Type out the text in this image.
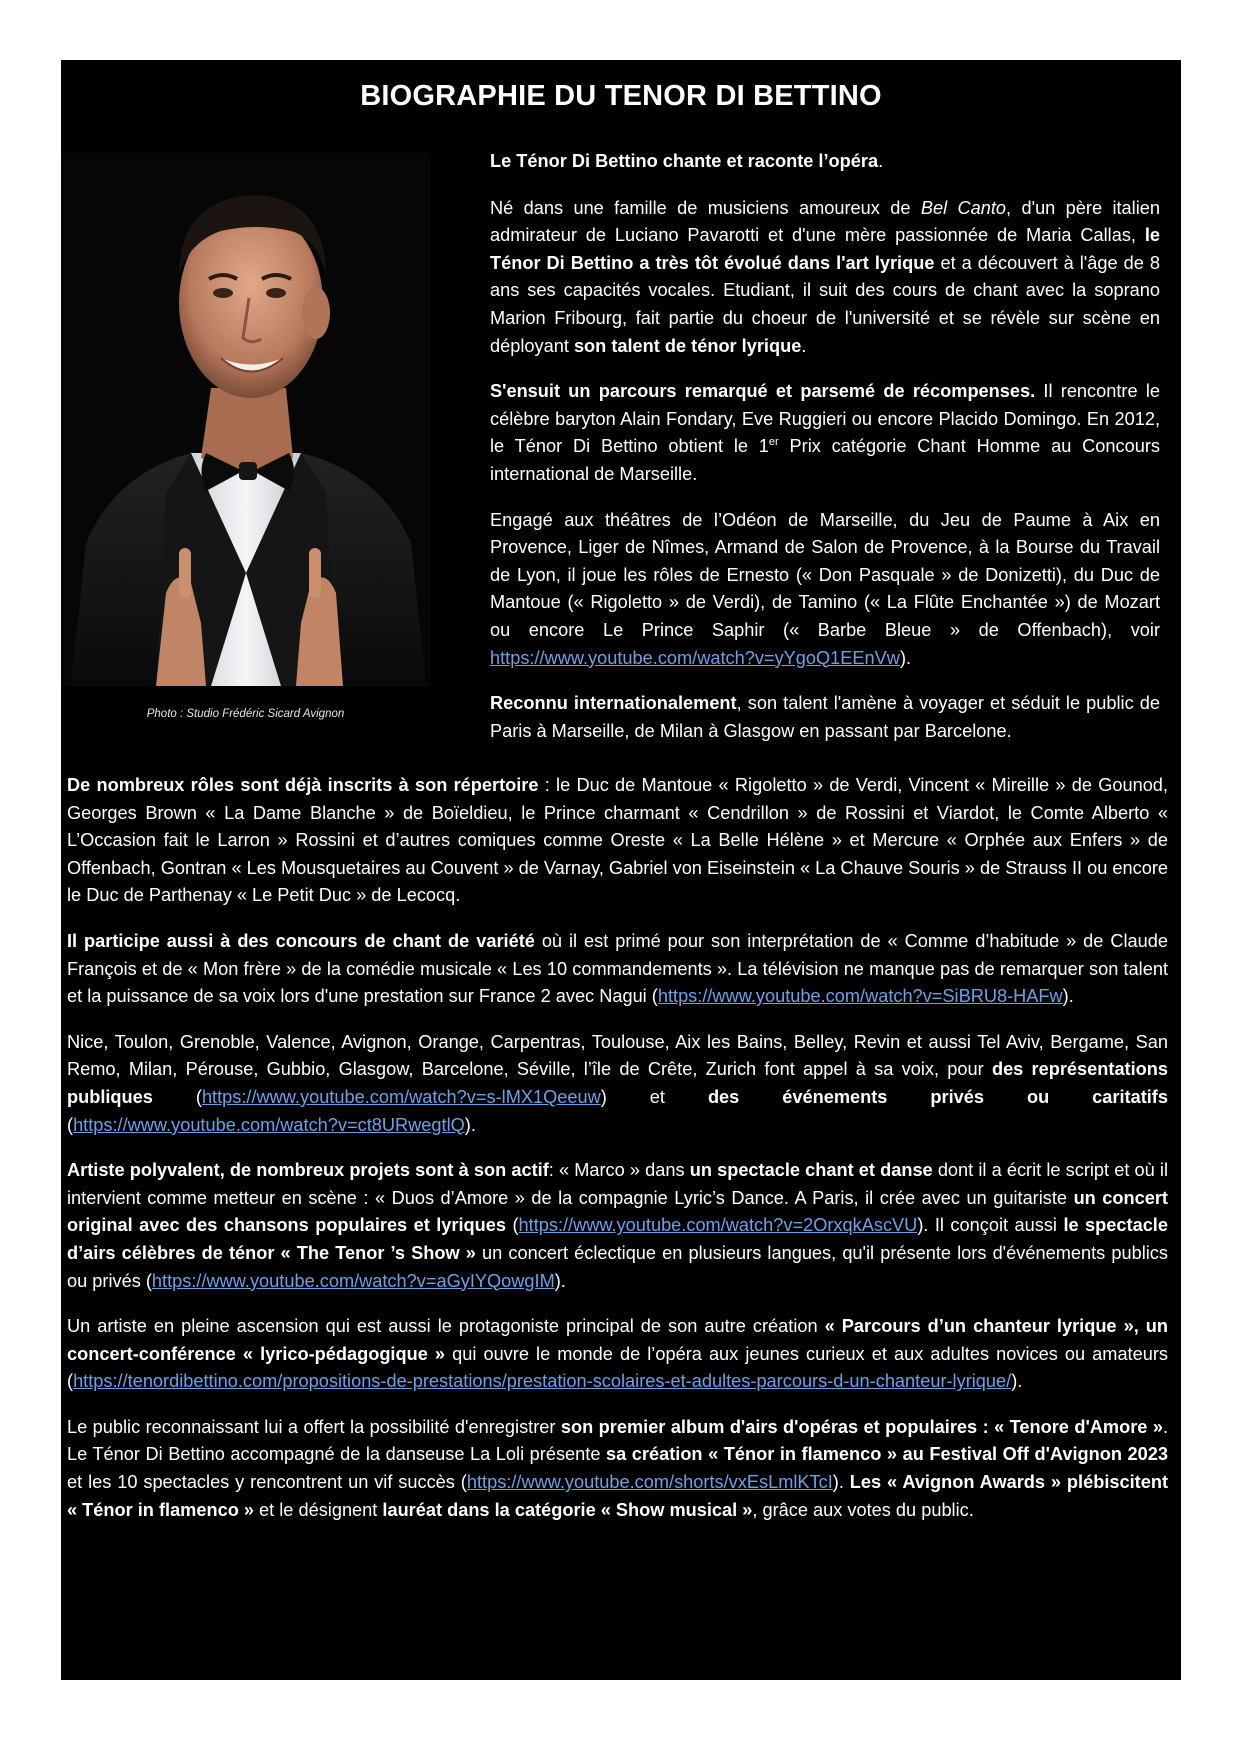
BIOGRAPHIE DU TENOR DI BETTINO
Photo : Studio Frédéric Sicard Avignon

Le Ténor Di Bettino chante et raconte l’opéra.

Né dans une famille de musiciens amoureux de Bel Canto, d'un père italien admirateur de Luciano Pavarotti et d'une mère passionnée de Maria Callas, le Ténor Di Bettino a très tôt évolué dans l'art lyrique et a découvert à l'âge de 8 ans ses capacités vocales. Etudiant, il suit des cours de chant avec la soprano Marion Fribourg, fait partie du choeur de l'université et se révèle sur scène en déployant son talent de ténor lyrique.

S'ensuit un parcours remarqué et parsemé de récompenses. Il rencontre le célèbre baryton Alain Fondary, Eve Ruggieri ou encore Placido Domingo. En 2012, le Ténor Di Bettino obtient le 1er Prix catégorie Chant Homme au Concours international de Marseille.

Engagé aux théâtres de l’Odéon de Marseille, du Jeu de Paume à Aix en Provence, Liger de Nîmes, Armand de Salon de Provence, à la Bourse du Travail de Lyon, il joue les rôles de Ernesto (« Don Pasquale » de Donizetti), du Duc de Mantoue (« Rigoletto » de Verdi), de Tamino (« La Flûte Enchantée ») de Mozart ou encore Le Prince Saphir (« Barbe Bleue » de Offenbach), voir https://www.youtube.com/watch?v=yYgoQ1EEnVw).

Reconnu internationalement, son talent l'amène à voyager et séduit le public de Paris à Marseille, de Milan à Glasgow en passant par Barcelone.

De nombreux rôles sont déjà inscrits à son répertoire : le Duc de Mantoue « Rigoletto » de Verdi, Vincent « Mireille » de Gounod, Georges Brown « La Dame Blanche » de Boïeldieu, le Prince charmant « Cendrillon » de Rossini et Viardot, le Comte Alberto « L’Occasion fait le Larron » Rossini et d’autres comiques comme Oreste « La Belle Hélène » et Mercure « Orphée aux Enfers » de Offenbach, Gontran « Les Mousquetaires au Couvent » de Varnay, Gabriel von Eiseinstein « La Chauve Souris » de Strauss II ou encore le Duc de Parthenay « Le Petit Duc » de Lecocq.

Il participe aussi à des concours de chant de variété où il est primé pour son interprétation de « Comme d’habitude » de Claude François et de « Mon frère » de la comédie musicale « Les 10 commandements ». La télévision ne manque pas de remarquer son talent et la puissance de sa voix lors d'une prestation sur France 2 avec Nagui (https://www.youtube.com/watch?v=SiBRU8-HAFw).

Nice, Toulon, Grenoble, Valence, Avignon, Orange, Carpentras, Toulouse, Aix les Bains, Belley, Revin et aussi Tel Aviv, Bergame, San Remo, Milan, Pérouse, Gubbio, Glasgow, Barcelone, Séville, l’île de Crête, Zurich font appel à sa voix, pour des représentations publiques (https://www.youtube.com/watch?v=s-lMX1Qeeuw) et des événements privés ou caritatifs (https://www.youtube.com/watch?v=ct8URwegtlQ).

Artiste polyvalent, de nombreux projets sont à son actif: « Marco » dans un spectacle chant et danse dont il a écrit le script et où il intervient comme metteur en scène : « Duos d’Amore » de la compagnie Lyric’s Dance. A Paris, il crée avec un guitariste un concert original avec des chansons populaires et lyriques (https://www.youtube.com/watch?v=2OrxqkAscVU). Il conçoit aussi le spectacle d’airs célèbres de ténor « The Tenor ’s Show » un concert éclectique en plusieurs langues, qu'il présente lors d'événements publics ou privés (https://www.youtube.com/watch?v=aGyIYQowgIM).

Un artiste en pleine ascension qui est aussi le protagoniste principal de son autre création « Parcours d’un chanteur lyrique », un concert-conférence « lyrico-pédagogique » qui ouvre le monde de l’opéra aux jeunes curieux et aux adultes novices ou amateurs (https://tenordibettino.com/propositions-de-prestations/prestation-scolaires-et-adultes-parcours-d-un-chanteur-lyrique/).

Le public reconnaissant lui a offert la possibilité d'enregistrer son premier album d'airs d'opéras et populaires : « Tenore d'Amore ». Le Ténor Di Bettino accompagné de la danseuse La Loli présente sa création « Ténor in flamenco » au Festival Off d'Avignon 2023 et les 10 spectacles y rencontrent un vif succès (https://www.youtube.com/shorts/vxEsLmlKTcI). Les « Avignon Awards » plébiscitent « Ténor in flamenco » et le désignent lauréat dans la catégorie « Show musical », grâce aux votes du public.
